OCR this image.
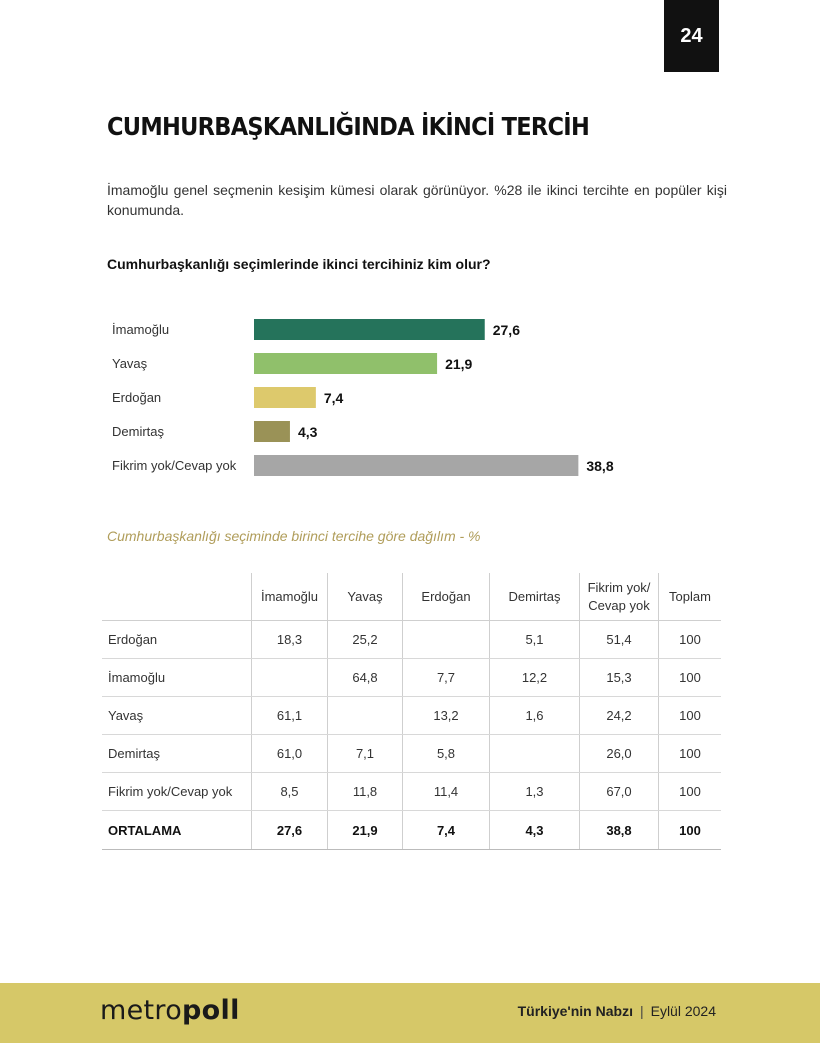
24
CUMHURBAŞKANLIĞINDA İKİNCİ TERCİH

İmamoğlu genel seçmenin kesişim kümesi olarak görünüyor. %28 ile ikinci tercihte en popüler kişi konumunda.

Cumhurbaşkanlığı seçimlerinde ikinci tercihiniz kim olur?

İmamoğlu	27,6
Yavaş	21,9
Erdoğan	7,4
Demirtaş	4,3
Fikrim yok/Cevap yok	38,8

Cumhurbaşkanlığı seçiminde birinci tercihe göre dağılım - %

	İmamoğlu	Yavaş	Erdoğan	Demirtaş	Fikrim yok/
Cevap yok	Toplam
Erdoğan	18,3	25,2		5,1	51,4	100
İmamoğlu		64,8	7,7	12,2	15,3	100
Yavaş	61,1		13,2	1,6	24,2	100
Demirtaş	61,0	7,1	5,8		26,0	100
Fikrim yok/Cevap yok	8,5	11,8	11,4	1,3	67,0	100
ORTALAMA	27,6	21,9	7,4	4,3	38,8	100
metropoll	Türkiye'nin Nabzı | Eylül 2024
